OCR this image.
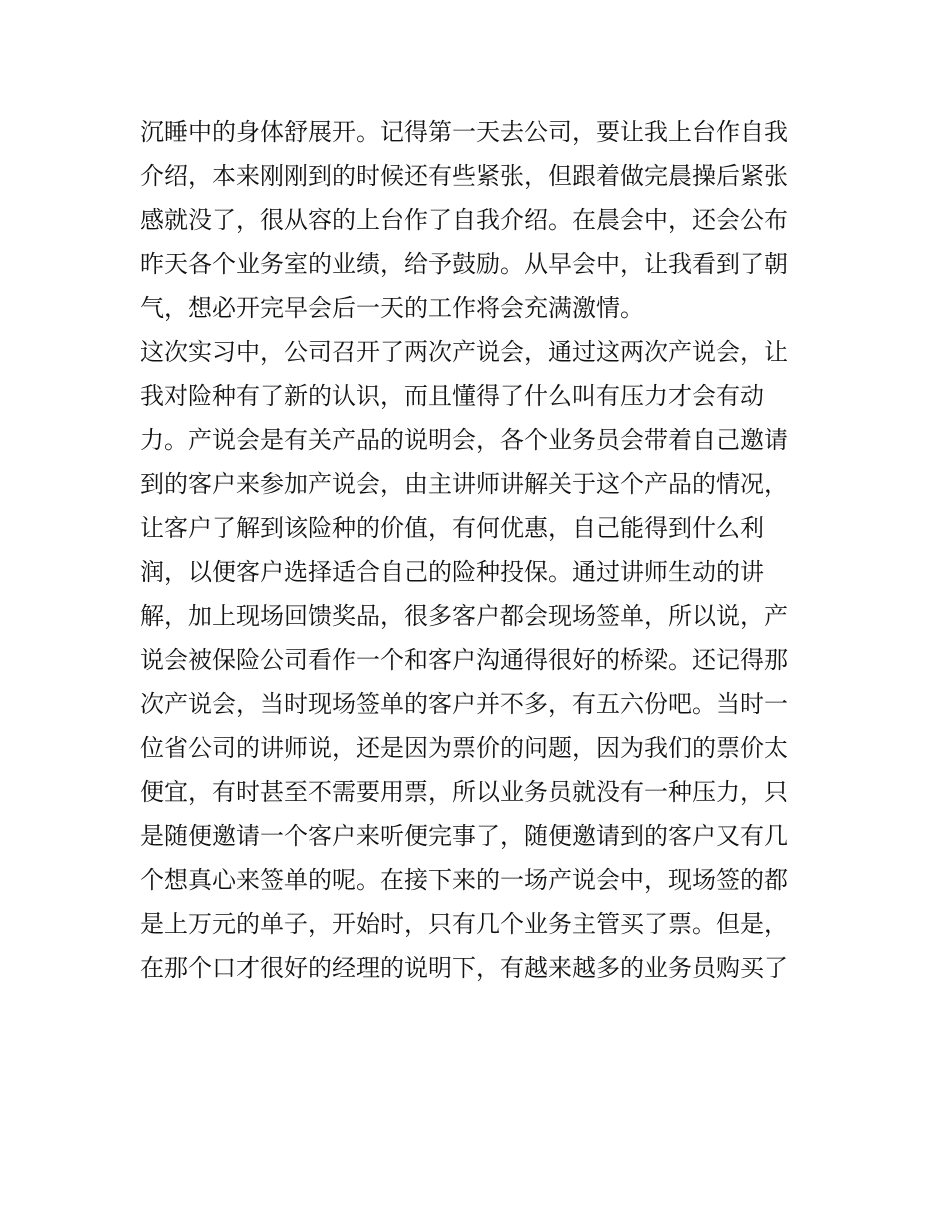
沉睡中的身体舒展开。记得第一天去公司，要让我上台作自我
介绍，本来刚刚到的时候还有些紧张，但跟着做完晨操后紧张
感就没了，很从容的上台作了自我介绍。在晨会中，还会公布
昨天各个业务室的业绩，给予鼓励。从早会中，让我看到了朝
气，想必开完早会后一天的工作将会充满激情。
这次实习中，公司召开了两次产说会，通过这两次产说会，让
我对险种有了新的认识，而且懂得了什么叫有压力才会有动
力。产说会是有关产品的说明会，各个业务员会带着自己邀请
到的客户来参加产说会，由主讲师讲解关于这个产品的情况，
让客户了解到该险种的价值，有何优惠，自己能得到什么利
润，以便客户选择适合自己的险种投保。通过讲师生动的讲
解，加上现场回馈奖品，很多客户都会现场签单，所以说，产
说会被保险公司看作一个和客户沟通得很好的桥梁。还记得那
次产说会，当时现场签单的客户并不多，有五六份吧。当时一
位省公司的讲师说，还是因为票价的问题，因为我们的票价太
便宜，有时甚至不需要用票，所以业务员就没有一种压力，只
是随便邀请一个客户来听便完事了，随便邀请到的客户又有几
个想真心来签单的呢。在接下来的一场产说会中，现场签的都
是上万元的单子，开始时，只有几个业务主管买了票。但是，
在那个口才很好的经理的说明下，有越来越多的业务员购买了
